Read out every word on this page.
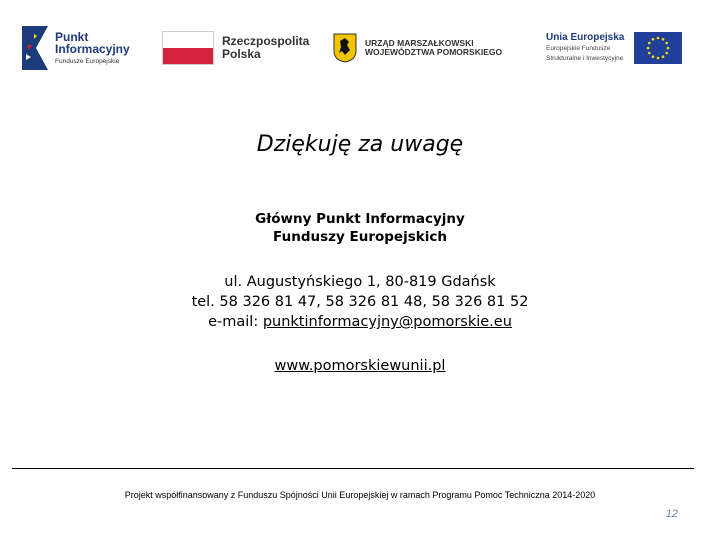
Punkt
Informacyjny
Fundusze Europejskie
Rzeczpospolita
Polska
URZĄD MARSZAŁKOWSKI
WOJEWÓDZTWA POMORSKIEGO
Unia Europejska
Europejskie Fundusze
Strukturalne i Inwestycyjne
Dziękuję za uwagę
Główny Punkt Informacyjny
Funduszy Europejskich
ul. Augustyńskiego 1, 80-819 Gdańsk
tel. 58 326 81 47, 58 326 81 48, 58 326 81 52
e-mail: punktinformacyjny@pomorskie.eu
www.pomorskiewunii.pl
Projekt współfinansowany z Funduszu Spójności Unii Europejskiej w ramach Programu Pomoc Techniczna 2014-2020
12
